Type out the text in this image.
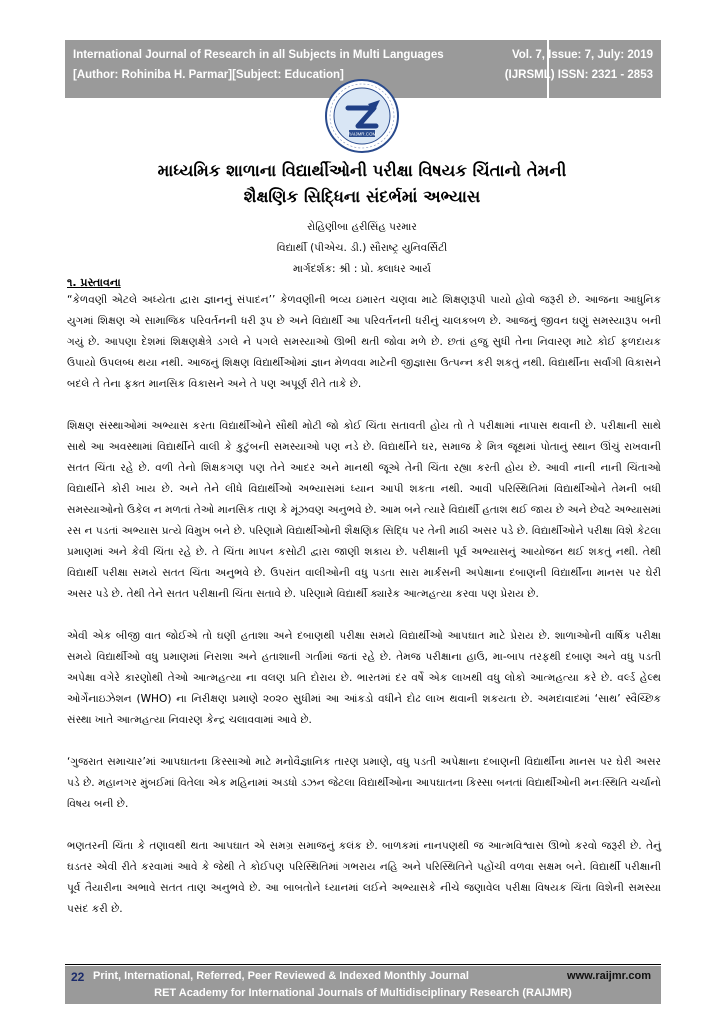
International Journal of Research in all Subjects in Multi Languages
[Author: Rohiniba H. Parmar][Subject: Education]
Vol. 7, Issue: 7, July: 2019
(IJRSML) ISSN: 2321 - 2853
RAIJMR.COM
માધ્યમિક શાળાના વિદ્યાર્થીઓની પરીક્ષા વિષયક ચિંતાનો તેમની
શૈક્ષણિક સિદ્ધિના સંદર્ભમાં અભ્યાસ
રોહિણીબા હરીસિંહ પરમાર
વિદ્યાર્થી (પીએચ. ડી.) સૌરાષ્ટ્ર યુનિવર્સિટી
માર્ગદર્શક: શ્રી : પ્રો. ક્લાધર આર્ય
૧. પ્રસ્તાવના

“કેળવણી એટલે અધ્યેતા દ્વારા જ્ઞાનનું સંપાદન’’ કેળવણીની ભવ્ય ઇમારત ચણવા માટે શિક્ષણરૂપી પાયો હોવો જરૂરી છે. આજના આધુનિક યુગમાં શિક્ષણ એ સામાજિક પરિવર્તનની ધરી રૂપ છે અને વિદ્યાર્થી આ પરિવર્તનની ધરીનું ચાલકબળ છે. આજનું જીવન ઘણું સમસ્યારૂપ બની ગયું છે. આપણા દેશમાં શિક્ષણક્ષેત્રે ડગલે ને પગલે સમસ્યાઓ ઊભી થતી જોવા મળે છે. છતાં હજુ સુધી તેના નિવારણ માટે કોઈ ફળદાયક ઉપાયો ઉપલબ્ધ થયા નથી. આજનું શિક્ષણ વિદ્યાર્થીઓમાં જ્ઞાન મેળવવા માટેની જીજ્ઞાસા ઉત્પન્ન કરી શકતું નથી. વિદ્યાર્થીના સર્વાંગી વિકાસને બદલે તે તેના ફક્ત માનસિક વિકાસને અને તે પણ અપૂર્ણ રીતે તાકે છે.

શિક્ષણ સંસ્થાઓમાં અભ્યાસ કરતા વિદ્યાર્થીઓને સૌથી મોટી જો કોઈ ચિંતા સતાવતી હોય તો તે પરીક્ષામાં નાપાસ થવાની છે. પરીક્ષાની સાથે સાથે આ અવસ્થામાં વિદ્યાર્થીને વાલી કે કુટુંબની સમસ્યાઓ પણ નડે છે. વિદ્યાર્થીને ઘર, સમાજ કે મિત્ર જૂથમાં પોતાનું સ્થાન ઊંચું રાખવાની સતત ચિંતા રહે છે. વળી તેનો શિક્ષકગણ પણ તેને આદર અને માનથી જૂએ તેની ચિંતા રહ્યા કરતી હોય છે. આવી નાની નાની ચિંતાઓ વિદ્યાર્થીને કોરી ખાય છે. અને તેને લીધે વિદ્યાર્થીઓ અભ્યાસમાં ધ્યાન આપી શકતા નથી. આવી પરિસ્થિતિમાં વિદ્યાર્થીઓને તેમની બધી સમસ્યાઓનો ઉકેલ ન મળતાં તેઓ માનસિક તાણ કે મૂંઝવણ અનુભવે છે. આમ બને ત્યારે વિદ્યાર્થી હતાશ થઈ જાય છે અને છેવટે અભ્યાસમાં રસ ન પડતાં અભ્યાસ પ્રત્યે વિમુખ બને છે. પરિણામે વિદ્યાર્થીઓની શૈક્ષણિક સિદ્ધિ પર તેની માઠી અસર પડે છે. વિદ્યાર્થીઓને પરીક્ષા વિશે કેટલા પ્રમાણમાં અને કેવી ચિંતા રહે છે. તે ચિંતા માપન કસોટી દ્વારા જાણી શકાય છે. પરીક્ષાની પૂર્વ અભ્યાસનું આયોજન થઈ શકતું નથી. તેથી વિદ્યાર્થી પરીક્ષા સમયે સતત ચિંતા અનુભવે છે. ઉપરાંત વાલીઓની વધુ પડતા સારા માર્કસની અપેક્ષાના દબાણની વિદ્યાર્થીના માનસ પર ઘેરી અસર પડે છે. તેથી તેને સતત પરીક્ષાની ચિંતા સતાવે છે. પરિણામે વિદ્યાર્થી ક્યારેક આત્મહત્યા કરવા પણ પ્રેરાય છે.

એવી એક બીજી વાત જોઈએ તો ઘણી હતાશા અને દબાણથી પરીક્ષા સમયે વિદ્યાર્થીઓ આપઘાત માટે પ્રેરાય છે. શાળાઓની વાર્ષિક પરીક્ષા સમયે વિદ્યાર્થીઓ વધુ પ્રમાણમાં નિરાશા અને હતાશાની ગર્તામાં જતાં રહે છે. તેમજ પરીક્ષાના હાઉ, મા-બાપ તરફથી દબાણ અને વધુ પડતી અપેક્ષા વગેરે કારણોથી તેઓ આત્મહત્યા ના વલણ પ્રતિ દોરાય છે. ભારતમાં દર વર્ષે એક લાખથી વધુ લોકો આત્મહત્યા કરે છે. વર્લ્ડ હેલ્થ ઓર્ગેનાઇઝેશન (WHO) ના નિરીક્ષણ પ્રમાણે ૨૦૨૦ સુધીમાં આ આંકડો વધીને દોઢ લાખ થવાની શકયતા છે. અમદાવાદમાં ‘સાથ’ સ્વૈચ્છિક સંસ્થા ખાતે આત્મહત્યા નિવારણ કેન્દ્ર ચલાવવામાં આવે છે.

‘ગુજરાત સમાચાર’માં આપઘાતના કિસ્સાઓ માટે મનોવૈજ્ઞાનિક તારણ પ્રમાણે, વધુ પડતી અપેક્ષાના દબાણની વિદ્યાર્થીના માનસ પર ઘેરી અસર પડે છે. મહાનગર મુંબઈમાં વિતેલા એક મહિનામાં અડધો ડઝન જેટલા વિદ્યાર્થીઓના આપઘાતના કિસ્સા બનતાં વિદ્યાર્થીઓની મનઃસ્થિતિ ચર્ચાનો વિષય બની છે.

ભણતરની ચિંતા કે તણાવથી થતા આપઘાત એ સમગ્ર સમાજનું કલંક છે. બાળકમાં નાનપણથી જ આત્મવિશ્વાસ ઊભો કરવો જરૂરી છે. તેનું ઘડતર એવી રીતે કરવામાં આવે કે જેથી તે કોઈપણ પરિસ્થિતિમાં ગભરાય નહિ અને પરિસ્થિતિને પહોંચી વળવા સક્ષમ બને. વિદ્યાર્થી પરીક્ષાની પૂર્વ તૈયારીના અભાવે સતત તાણ અનુભવે છે. આ બાબતોને ધ્યાનમાં લઈને અભ્યાસકે નીચે જણાવેલ પરીક્ષા વિષયક ચિંતા વિશેની સમસ્યા પસંદ કરી છે.

22 Print, International, Referred, Peer Reviewed & Indexed Monthly Journal	www.raijmr.com
RET Academy for International Journals of Multidisciplinary Research (RAIJMR)
